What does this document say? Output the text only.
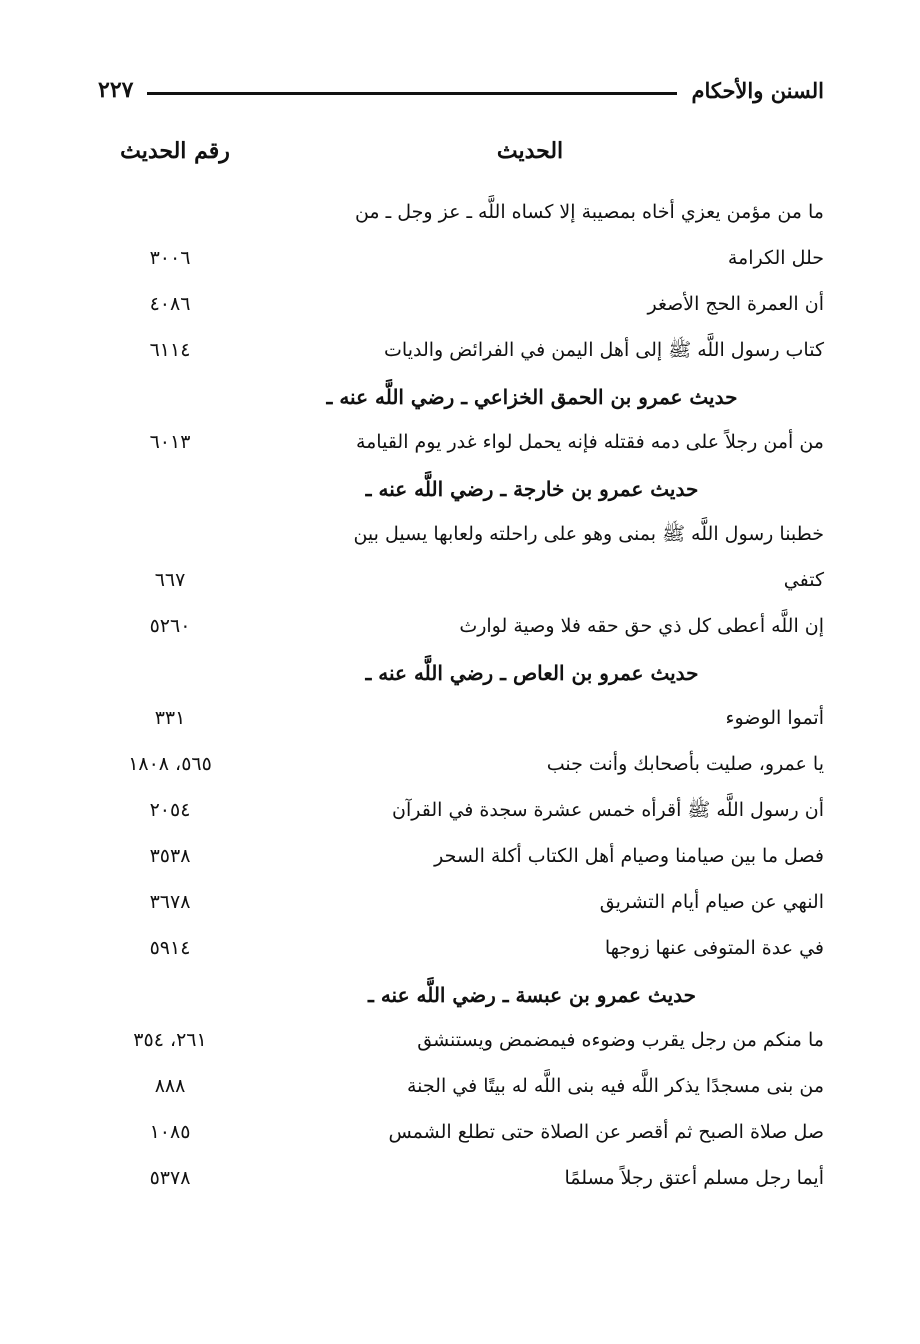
السنن والأحكام
٢٢٧
الحديث
رقم الحديث
ما من مؤمن يعزي أخاه بمصيبة إلا كساه اللَّه ـ عز وجل ـ من
حلل الكرامة
٣٠٠٦
أن العمرة الحج الأصغر
٤٠٨٦
كتاب رسول اللَّه ﷺ إلى أهل اليمن في الفرائض والديات
٦١١٤
حديث عمرو بن الحمق الخزاعي ـ رضي اللَّه عنه ـ
من أمن رجلاً على دمه فقتله فإنه يحمل لواء غدر يوم القيامة
٦٠١٣
حديث عمرو بن خارجة ـ رضي اللَّه عنه ـ
خطبنا رسول اللَّه ﷺ بمنى وهو على راحلته ولعابها يسيل بين
كتفي
٦٦٧
إن اللَّه أعطى كل ذي حق حقه فلا وصية لوارث
٥٢٦٠
حديث عمرو بن العاص ـ رضي اللَّه عنه ـ
أتموا الوضوء
٣٣١
يا عمرو، صليت بأصحابك وأنت جنب
٥٦٥، ١٨٠٨
أن رسول اللَّه ﷺ أقرأه خمس عشرة سجدة في القرآن
٢٠٥٤
فصل ما بين صيامنا وصيام أهل الكتاب أكلة السحر
٣٥٣٨
النهي عن صيام أيام التشريق
٣٦٧٨
في عدة المتوفى عنها زوجها
٥٩١٤
حديث عمرو بن عبسة ـ رضي اللَّه عنه ـ
ما منكم من رجل يقرب وضوءه فيمضمض ويستنشق
٢٦١، ٣٥٤
من بنى مسجدًا يذكر اللَّه فيه بنى اللَّه له بيتًا في الجنة
٨٨٨
صل صلاة الصبح ثم أقصر عن الصلاة حتى تطلع الشمس
١٠٨٥
أيما رجل مسلم أعتق رجلاً مسلمًا
٥٣٧٨
